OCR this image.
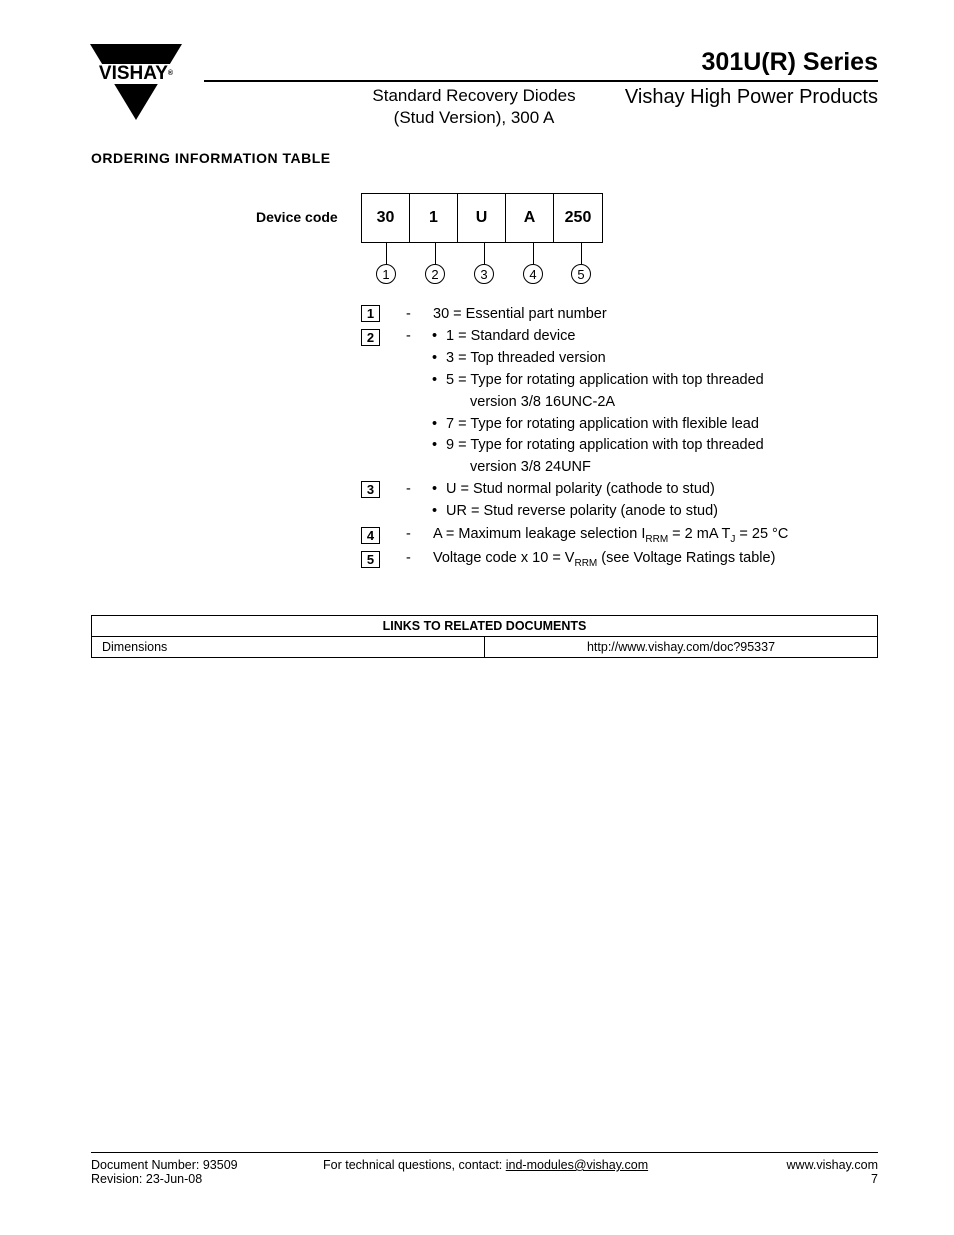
VISHAY®	301U(R) Series
Standard Recovery Diodes
(Stud Version), 300 A
Vishay High Power Products
ORDERING INFORMATION TABLE
Device code	30	1	U	A	250
1	2	3	4	5
1	- 30 = Essential part number
2	-	• 1 = Standard device
• 3 = Top threaded version
• 5 = Type for rotating application with top threaded
version 3/8 16UNC-2A
• 7 = Type for rotating application with flexible lead
• 9 = Type for rotating application with top threaded
version 3/8 24UNF
3	-	• U = Stud normal polarity (cathode to stud)
• UR = Stud reverse polarity (anode to stud)
4	- A = Maximum leakage selection $I_{RRM} = 2$ mA $T_J = 25$ °C
5	- Voltage code x $10 = V_{RRM}$ (see Voltage Ratings table)
LINKS TO RELATED DOCUMENTS
Dimensions	http://www.vishay.com/doc?95337
Document Number: 93509
Revision: 23-Jun-08
For technical questions, contact: ind-modules@vishay.com	www.vishay.com
7
